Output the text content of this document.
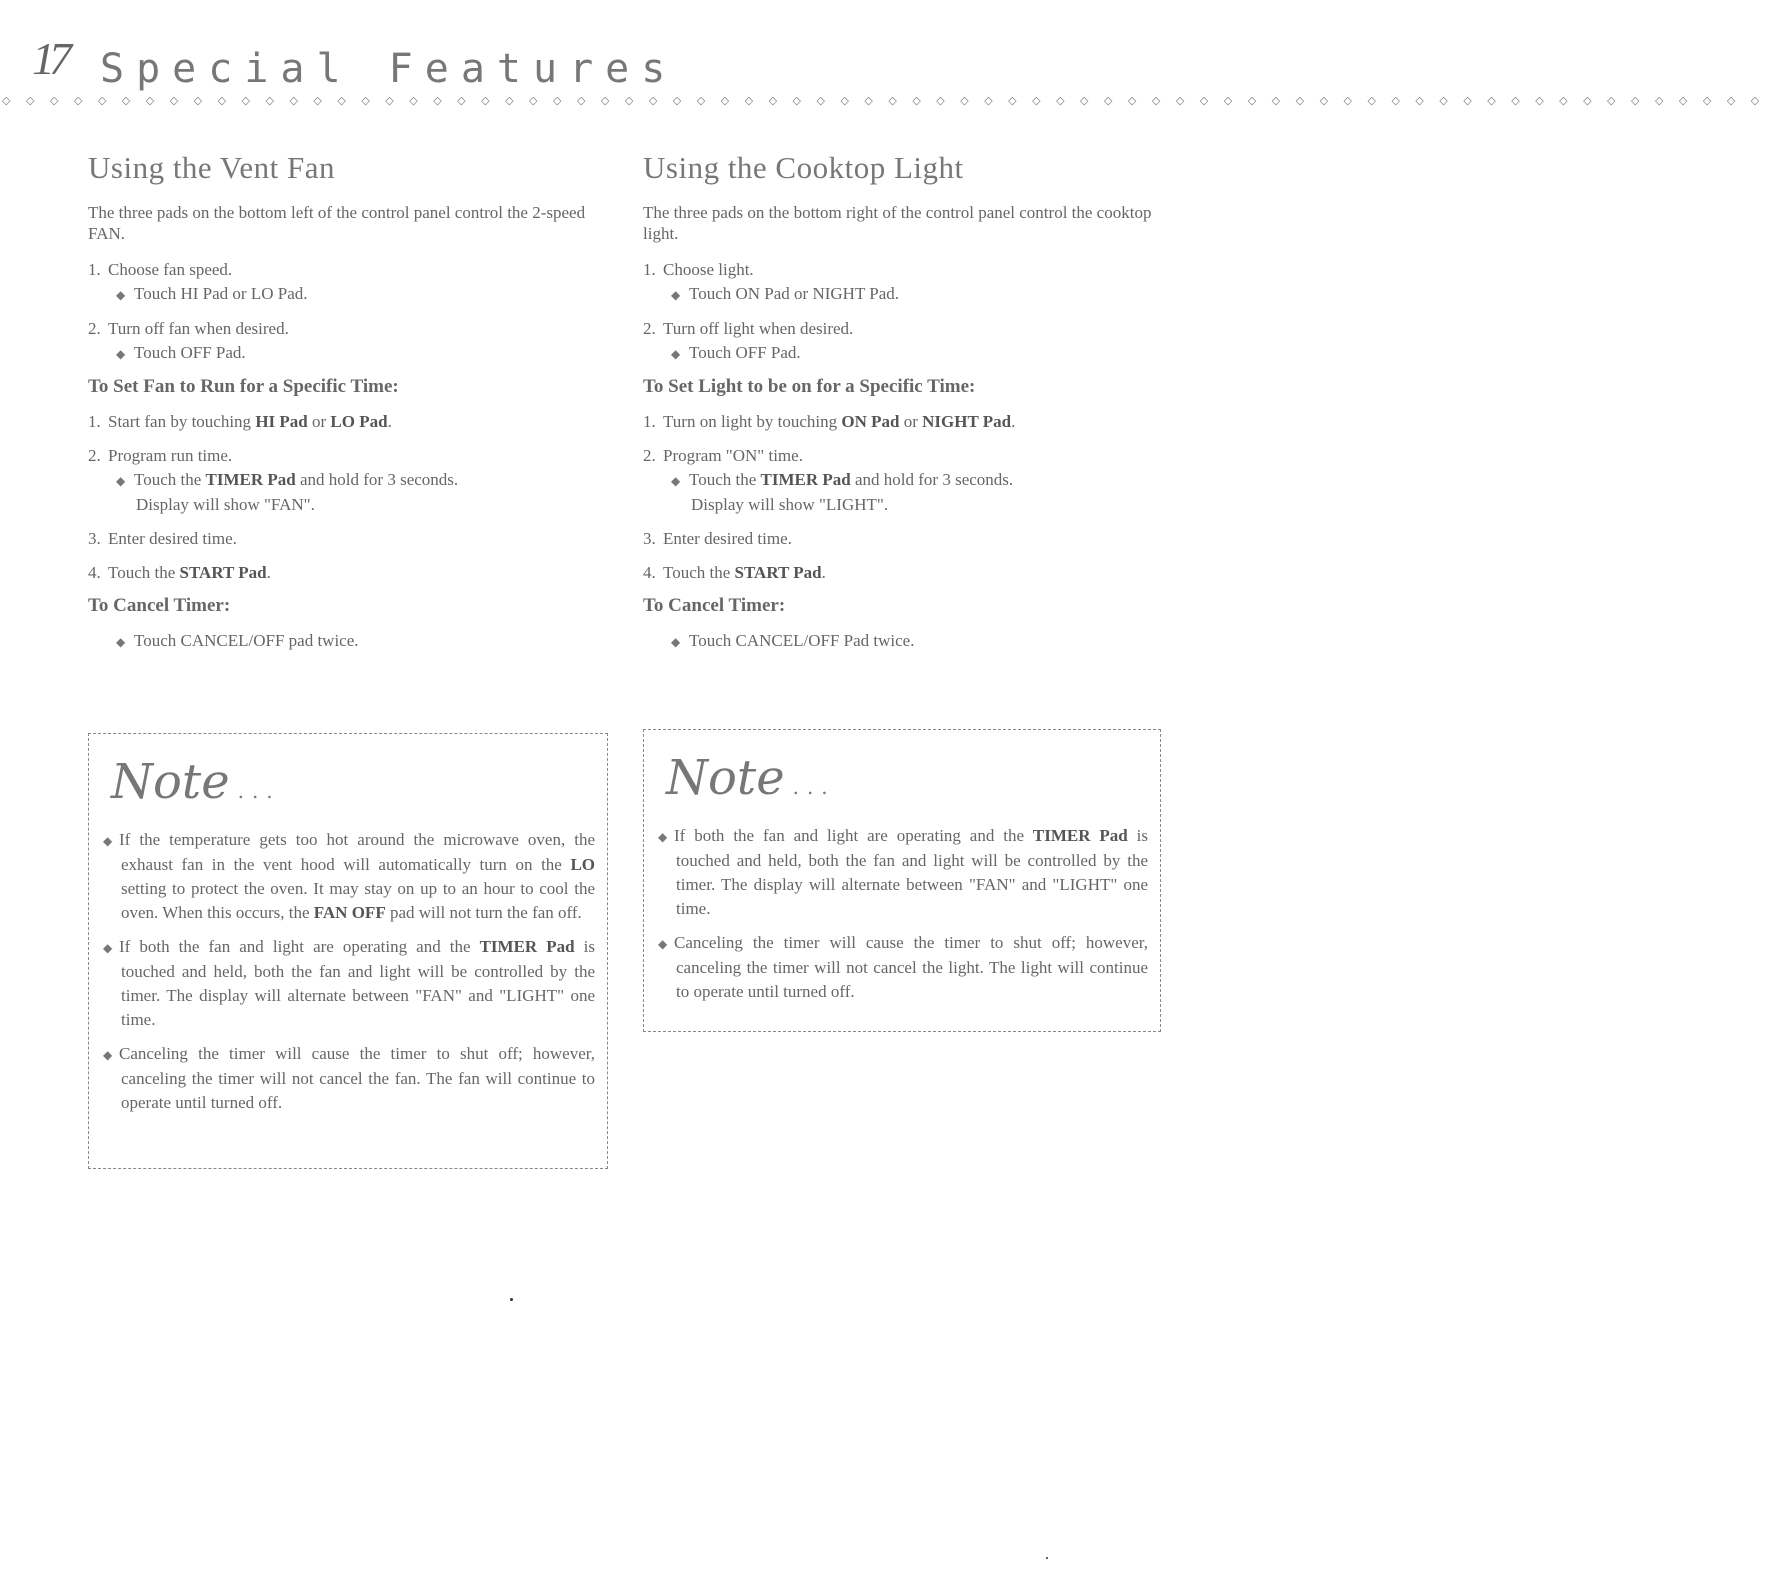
17 Special Features
◇ ◇ ◇ ◇ ◇ ◇ ◇ ◇ ◇ ◇ ◇ ◇ ◇ ◇ ◇ ◇ ◇ ◇ ◇ ◇ ◇ ◇ ◇ ◇ ◇ ◇ ◇ ◇ ◇ ◇ ◇ ◇ ◇ ◇ ◇ ◇ ◇ ◇ ◇ ◇ ◇ ◇ ◇ ◇ ◇ ◇ ◇ ◇ ◇ ◇ ◇ ◇ ◇ ◇ ◇ ◇ ◇ ◇ ◇ ◇ ◇ ◇ ◇ ◇ ◇ ◇ ◇ ◇ ◇ ◇ ◇ ◇ ◇ ◇
Using the Vent Fan

The three pads on the bottom left of the control panel control the 2-speed FAN.

1. Choose fan speed.
◆ Touch HI Pad or LO Pad.
2. Turn off fan when desired.
◆ Touch OFF Pad.
To Set Fan to Run for a Specific Time:
1. Start fan by touching HI Pad or LO Pad.
2. Program run time.
◆ Touch the TIMER Pad and hold for 3 seconds.
Display will show "FAN".
3. Enter desired time.
4. Touch the START Pad.
To Cancel Timer:
◆ Touch CANCEL/OFF pad twice.
Note ...
◆ If the temperature gets too hot around the microwave oven, the exhaust fan in the vent hood will automatically turn on the LO setting to protect the oven. It may stay on up to an hour to cool the oven. When this occurs, the FAN OFF pad will not turn the fan off.
◆ If both the fan and light are operating and the TIMER Pad is touched and held, both the fan and light will be controlled by the timer. The display will alternate between "FAN" and "LIGHT" one time.
◆ Canceling the timer will cause the timer to shut off; however, canceling the timer will not cancel the fan. The fan will continue to operate until turned off.
Using the Cooktop Light

The three pads on the bottom right of the control panel control the cooktop light.

1. Choose light.
◆ Touch ON Pad or NIGHT Pad.
2. Turn off light when desired.
◆ Touch OFF Pad.
To Set Light to be on for a Specific Time:
1. Turn on light by touching ON Pad or NIGHT Pad.
2. Program "ON" time.
◆ Touch the TIMER Pad and hold for 3 seconds.
Display will show "LIGHT".
3. Enter desired time.
4. Touch the START Pad.
To Cancel Timer:
◆ Touch CANCEL/OFF Pad twice.
Note ...
◆ If both the fan and light are operating and the TIMER Pad is touched and held, both the fan and light will be controlled by the timer. The display will alternate between "FAN" and "LIGHT" one time.
◆ Canceling the timer will cause the timer to shut off; however, canceling the timer will not cancel the light. The light will continue to operate until turned off.
